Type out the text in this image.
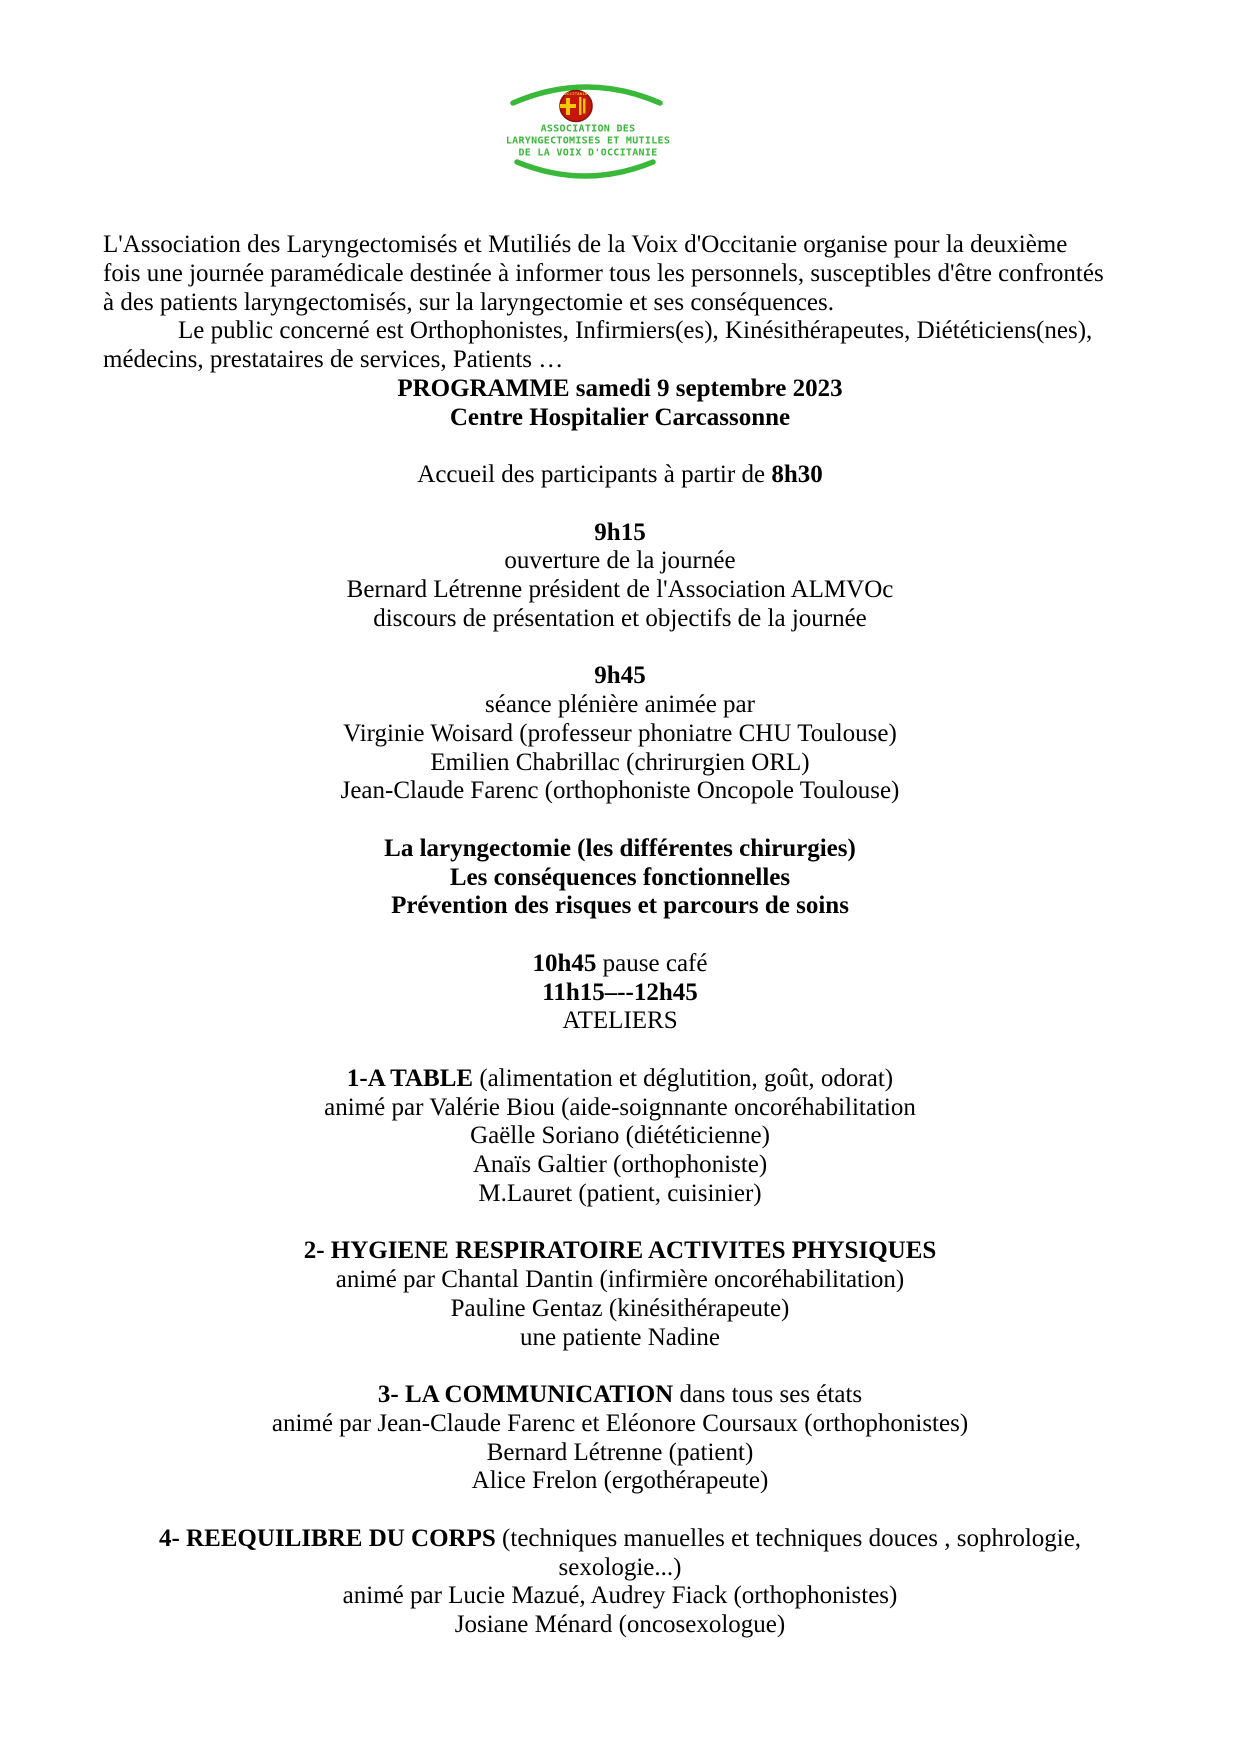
OCCITANIE
ASSOCIATION DES
LARYNGECTOMISES ET MUTILES
DE LA VOIX D'OCCITANIE
L'Association des Laryngectomisés et Mutiliés de la Voix d'Occitanie organise pour la deuxième
fois une journée paramédicale destinée à informer tous les personnels, susceptibles d'être confrontés
à des patients laryngectomisés, sur la laryngectomie et ses conséquences.
Le public concerné est Orthophonistes, Infirmiers(es), Kinésithérapeutes, Diététiciens(nes),
médecins, prestataires de services, Patients …
PROGRAMME samedi 9 septembre 2023
Centre Hospitalier Carcassonne
Accueil des participants à partir de 8h30
9h15
ouverture de la journée
Bernard Létrenne président de l'Association ALMVOc
discours de présentation et objectifs de la journée
9h45
séance plénière animée par
Virginie Woisard (professeur phoniatre CHU Toulouse)
Emilien Chabrillac (chrirurgien ORL)
Jean-Claude Farenc (orthophoniste Oncopole Toulouse)
La laryngectomie (les différentes chirurgies)
Les conséquences fonctionnelles
Prévention des risques et parcours de soins
10h45 pause café
11h15–--12h45
ATELIERS
1-A TABLE (alimentation et déglutition, goût, odorat)
animé par Valérie Biou (aide-soignnante oncoréhabilitation
Gaëlle Soriano (diététicienne)
Anaïs Galtier (orthophoniste)
M.Lauret (patient, cuisinier)
2- HYGIENE RESPIRATOIRE ACTIVITES PHYSIQUES
animé par Chantal Dantin (infirmière oncoréhabilitation)
Pauline Gentaz (kinésithérapeute)
une patiente Nadine
3- LA COMMUNICATION dans tous ses états
animé par Jean-Claude Farenc et Eléonore Coursaux (orthophonistes)
Bernard Létrenne (patient)
Alice Frelon (ergothérapeute)
4- REEQUILIBRE DU CORPS (techniques manuelles et techniques douces , sophrologie,
sexologie...)
animé par Lucie Mazué, Audrey Fiack (orthophonistes)
Josiane Ménard (oncosexologue)
